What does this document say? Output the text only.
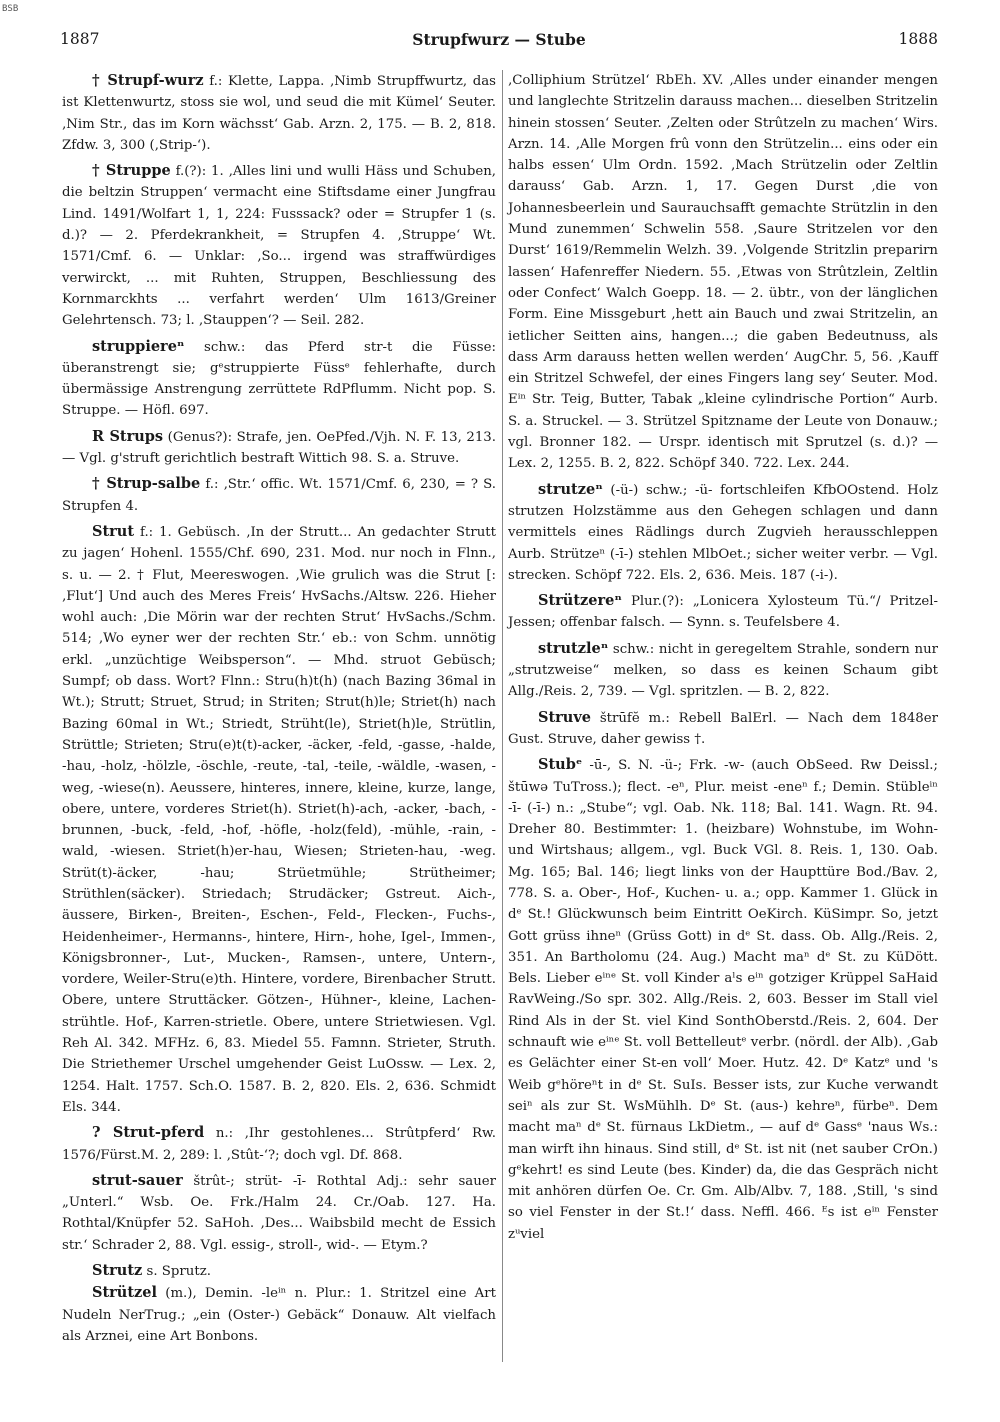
BSB
1887	Strupfwurz — Stube	1888

† Strupf-wurz f.: Klette, Lappa. ‚Nimb Strupffwurtz, das ist Klettenwurtz, stoss sie wol, und seud die mit Kümel‘ Seuter. ‚Nim Str., das im Korn wächsst‘ Gab. Arzn. 2, 175. — B. 2, 818. Zfdw. 3, 300 (‚Strip-‘).

† Struppe f.(?): 1. ‚Alles lini und wulli Häss und Schuben, die beltzin Struppen‘ vermacht eine Stiftsdame einer Jungfrau Lind. 1491/Wolfart 1, 1, 224: Fusssack? oder = Strupfer 1 (s. d.)? — 2. Pferdekrankheit, = Strupfen 4. ‚Struppe‘ Wt. 1571/Cmf. 6. — Unklar: ‚So... irgend was straffwürdiges verwirckt, ... mit Ruhten, Struppen, Beschliessung des Kornmarckhts ... verfahrt werden‘ Ulm 1613/Greiner Gelehrtensch. 73; l. ‚Stauppen‘? — Seil. 282.

struppiereⁿ schw.: das Pferd str-t die Füsse: überanstrengt sie; gᵉstruppierte Füssᵉ fehlerhafte, durch übermässige Anstrengung zerrüttete RdPflumm. Nicht pop. S. Struppe. — Höfl. 697.

R Strups (Genus?): Strafe, jen. OePfed./Vjh. N. F. 13, 213. — Vgl. g'struft gerichtlich bestraft Wittich 98. S. a. Struve.

† Strup-salbe f.: ‚Str.‘ offic. Wt. 1571/Cmf. 6, 230, = ? S. Strupfen 4.

Strut f.: 1. Gebüsch. ‚In der Strutt... An gedachter Strutt zu jagen‘ Hohenl. 1555/Chf. 690, 231. Mod. nur noch in Flnn., s. u. — 2. † Flut, Meereswogen. ‚Wie grulich was die Strut [: ‚Flut‘] Und auch des Meres Freis‘ HvSachs./Altsw. 226. Hieher wohl auch: ‚Die Mörin war der rechten Strut‘ HvSachs./Schm. 514; ‚Wo eyner wer der rechten Str.‘ eb.: von Schm. unnötig erkl. „unzüchtige Weibsperson“. — Mhd. struot Gebüsch; Sumpf; ob dass. Wort? Flnn.: Stru(h)t(h) (nach Bazing 36mal in Wt.); Strutt; Struet, Strud; in Striten; Strut(h)le; Striet(h) nach Bazing 60mal in Wt.; Striedt, Strüht(le), Striet(h)le, Strütlin, Strüttle; Strieten; Stru(e)t(t)-acker, -äcker, -feld, -gasse, -halde, -hau, -holz, -hölzle, -öschle, -reute, -tal, -teile, -wäldle, -wasen, -weg, -wiese(n). Aeussere, hinteres, innere, kleine, kurze, lange, obere, untere, vorderes Striet(h). Striet(h)-ach, -acker, -bach, -brunnen, -buck, -feld, -hof, -höfle, -holz(feld), -mühle, -rain, -wald, -wiesen. Striet(h)er-hau, Wiesen; Strieten-hau, -weg. Strüt(t)-äcker, -hau; Strüetmühle; Strütheimer; Strüthlen(säcker). Striedach; Strudäcker; Gstreut. Aich-, äussere, Birken-, Breiten-, Eschen-, Feld-, Flecken-, Fuchs-, Heidenheimer-, Hermanns-, hintere, Hirn-, hohe, Igel-, Immen-, Königsbronner-, Lut-, Mucken-, Ramsen-, untere, Untern-, vordere, Weiler-Stru(e)th. Hintere, vordere, Birenbacher Strutt. Obere, untere Struttäcker. Götzen-, Hühner-, kleine, Lachen-strühtle. Hof-, Karren-strietle. Obere, untere Strietwiesen. Vgl. Reh Al. 342. MFHz. 6, 83. Miedel 55. Famnn. Strieter, Struth. Die Striethemer Urschel umgehender Geist LuOssw. — Lex. 2, 1254. Halt. 1757. Sch.O. 1587. B. 2, 820. Els. 2, 636. Schmidt Els. 344.

? Strut-pferd n.: ‚Ihr gestohlenes... Strûtpferd‘ Rw. 1576/Fürst.M. 2, 289: l. ‚Stût-‘?; doch vgl. Df. 868.

strut-sauer štrût-; strüt- -ī- Rothtal Adj.: sehr sauer „Unterl.“ Wsb. Oe. Frk./Halm 24. Cr./Oab. 127. Ha. Rothtal/Knüpfer 52. SaHoh. ‚Des... Waibsbild mecht de Essich str.‘ Schrader 2, 88. Vgl. essig-, stroll-, wid-. — Etym.?

Strutz s. Sprutz.

Strützel (m.), Demin. -leⁱⁿ n. Plur.: 1. Stritzel eine Art Nudeln NerTrug.; „ein (Oster-) Gebäck“ Donauw. Alt vielfach als Arznei, eine Art Bonbons.

‚Colliphium Strützel‘ RbEh. XV. ‚Alles under einander mengen und langlechte Stritzelin darauss machen... dieselben Stritzelin hinein stossen‘ Seuter. ‚Zelten oder Strûtzeln zu machen‘ Wirs. Arzn. 14. ‚Alle Morgen frû vonn den Strützelin... eins oder ein halbs essen‘ Ulm Ordn. 1592. ‚Mach Strützelin oder Zeltlin darauss‘ Gab. Arzn. 1, 17. Gegen Durst ‚die von Johannesbeerlein und Saurauchsafft gemachte Strützlin in den Mund zunemmen‘ Schwelin 558. ‚Saure Stritzelen vor den Durst‘ 1619/Remmelin Welzh. 39. ‚Volgende Stritzlin preparirn lassen‘ Hafenreffer Niedern. 55. ‚Etwas von Strûtzlein, Zeltlin oder Confect‘ Walch Goepp. 18. — 2. übtr., von der länglichen Form. Eine Missgeburt ‚hett ain Bauch und zwai Stritzelin, an ietlicher Seitten ains, hangen...; die gaben Bedeutnuss, als dass Arm darauss hetten wellen werden‘ AugChr. 5, 56. ‚Kauff ein Stritzel Schwefel, der eines Fingers lang sey‘ Seuter. Mod. Eⁱⁿ Str. Teig, Butter, Tabak „kleine cylindrische Portion“ Aurb. S. a. Struckel. — 3. Strützel Spitzname der Leute von Donauw.; vgl. Bronner 182. — Urspr. identisch mit Sprutzel (s. d.)? — Lex. 2, 1255. B. 2, 822. Schöpf 340. 722. Lex. 244.

strutzeⁿ (-ü-) schw.; -ü- fortschleifen KfbOOstend. Holz strutzen Holzstämme aus den Gehegen schlagen und dann vermittels eines Rädlings durch Zugvieh herausschleppen Aurb. Strützeⁿ (-ī-) stehlen MlbOet.; sicher weiter verbr. — Vgl. strecken. Schöpf 722. Els. 2, 636. Meis. 187 (-i-).

Strützereⁿ Plur.(?): „Lonicera Xylosteum Tü.“/ Pritzel-Jessen; offenbar falsch. — Synn. s. Teufelsbere 4.

strutzleⁿ schw.: nicht in geregeltem Strahle, sondern nur „strutzweise“ melken, so dass es keinen Schaum gibt Allg./Reis. 2, 739. — Vgl. spritzlen. — B. 2, 822.

Struve štrūfĕ m.: Rebell BalErl. — Nach dem 1848er Gust. Struve, daher gewiss †.

Stubᵉ -ū-, S. N. -ü-; Frk. -w- (auch ObSeed. Rw Deissl.; štūwə TuTross.); flect. -eⁿ, Plur. meist -eneⁿ f.; Demin. Stübleⁱⁿ -ī- (-ī-) n.: „Stube“; vgl. Oab. Nk. 118; Bal. 141. Wagn. Rt. 94. Dreher 80. Bestimmter: 1. (heizbare) Wohnstube, im Wohn- und Wirtshaus; allgem., vgl. Buck VGl. 8. Reis. 1, 130. Oab. Mg. 165; Bal. 146; liegt links von der Haupttüre Bod./Bav. 2, 778. S. a. Ober-, Hof-, Kuchen- u. a.; opp. Kammer 1. Glück in dᵉ St.! Glückwunsch beim Eintritt OeKirch. KüSimpr. So, jetzt Gott grüss ihneⁿ (Grüss Gott) in dᵉ St. dass. Ob. Allg./Reis. 2, 351. An Bartholomu (24. Aug.) Macht maⁿ dᵉ St. zu KüDött. Bels. Lieber eⁱⁿᵉ St. voll Kinder aˡs eⁱⁿ gotziger Krüppel SaHaid RavWeing./So spr. 302. Allg./Reis. 2, 603. Besser im Stall viel Rind Als in der St. viel Kind SonthOberstd./Reis. 2, 604. Der schnauft wie eⁱⁿᵉ St. voll Bettelleutᵉ verbr. (nördl. der Alb). ‚Gab es Gelächter einer St-en voll‘ Moer. Hutz. 42. Dᵉ Katzᵉ und 's Weib gᵉhöreⁿt in dᵉ St. SuIs. Besser ists, zur Kuche verwandt seiⁿ als zur St. WsMühlh. Dᵉ St. (aus-) kehreⁿ, fürbeⁿ. Dem macht maⁿ dᵉ St. fürnaus LkDietm., — auf dᵉ Gassᵉ 'naus Ws.: man wirft ihn hinaus. Sind still, dᵉ St. ist nit (net sauber CrOn.) gᵉkehrt! es sind Leute (bes. Kinder) da, die das Gespräch nicht mit anhören dürfen Oe. Cr. Gm. Alb/Albv. 7, 188. ‚Still, 's sind so viel Fenster in der St.!‘ dass. Neffl. 466. ᴱs ist eⁱⁿ Fenster zᵘviel
